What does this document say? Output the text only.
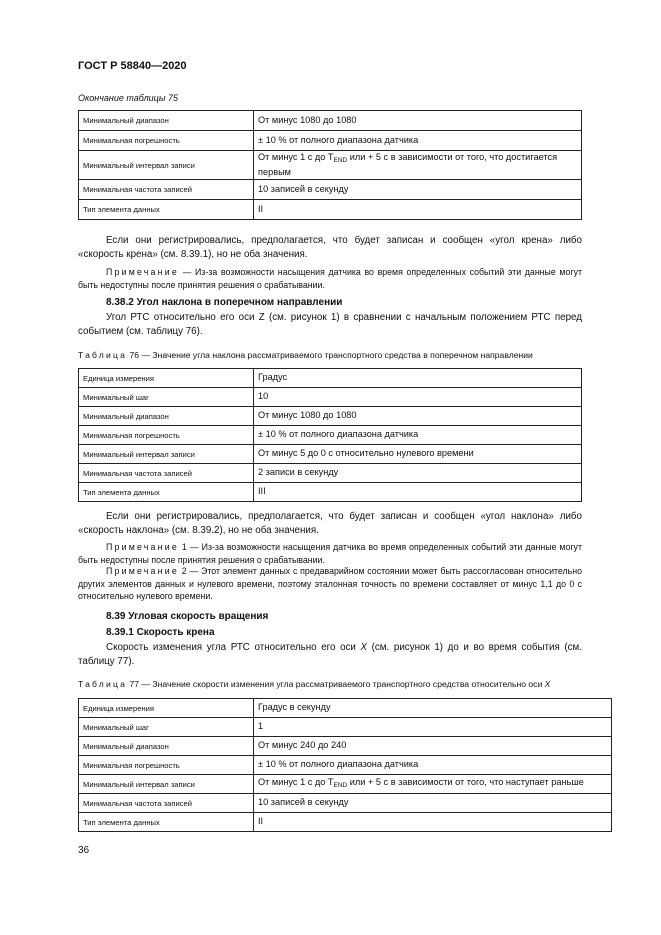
ГОСТ Р 58840—2020
Окончание таблицы 75
Минимальный диапазон	От минус 1080 до 1080
Минимальная погрешность	± 10 % от полного диапазона датчика
Минимальный интервал записи	От минус 1 с до $T_{END}$ или + 5 с в зависимости от того, что достигается первым
Минимальная частота записей	10 записей в секунду
Тип элемента данных	II
Если они регистрировались, предполагается, что будет записан и сообщен «угол крена» либо «скорость крена» (см. 8.39.1), но не оба значения.
Примечание — Из-за возможности насыщения датчика во время определенных событий эти данные могут быть недоступны после принятия решения о срабатывании.
8.38.2 Угол наклона в поперечном направлении
Угол РТС относительно его оси Z (см. рисунок 1) в сравнении с начальным положением РТС перед событием (см. таблицу 76).
Таблица 76 — Значение угла наклона рассматриваемого транспортного средства в поперечном направлении
Единица измерения	Градус
Минимальный шаг	10
Минимальный диапазон	От минус 1080 до 1080
Минимальная погрешность	± 10 % от полного диапазона датчика
Минимальный интервал записи	От минус 5 до 0 с относительно нулевого времени
Минимальная частота записей	2 записи в секунду
Тип элемента данных	III
Если они регистрировались, предполагается, что будет записан и сообщен «угол наклона» либо «скорость наклона» (см. 8.39.2), но не оба значения.
Примечание 1 — Из-за возможности насыщения датчика во время определенных событий эти данные могут быть недоступны после принятия решения о срабатывании.
Примечание 2 — Этот элемент данных с предаварийном состоянии может быть рассогласован относительно других элементов данных и нулевого времени, поэтому эталонная точность по времени составляет от минус 1,1 до 0 с относительно нулевого времени.
8.39 Угловая скорость вращения
8.39.1 Скорость крена
Скорость изменения угла РТС относительно его оси X (см. рисунок 1) до и во время события (см. таблицу 77).
Таблица 77 — Значение скорости изменения угла рассматриваемого транспортного средства относительно оси X
Единица измерения	Градус в секунду
Минимальный шаг	1
Минимальный диапазон	От минус 240 до 240
Минимальная погрешность	± 10 % от полного диапазона датчика
Минимальный интервал записи	От минус 1 с до $T_{END}$ или + 5 с в зависимости от того, что наступает раньше
Минимальная частота записей	10 записей в секунду
Тип элемента данных	II
36
